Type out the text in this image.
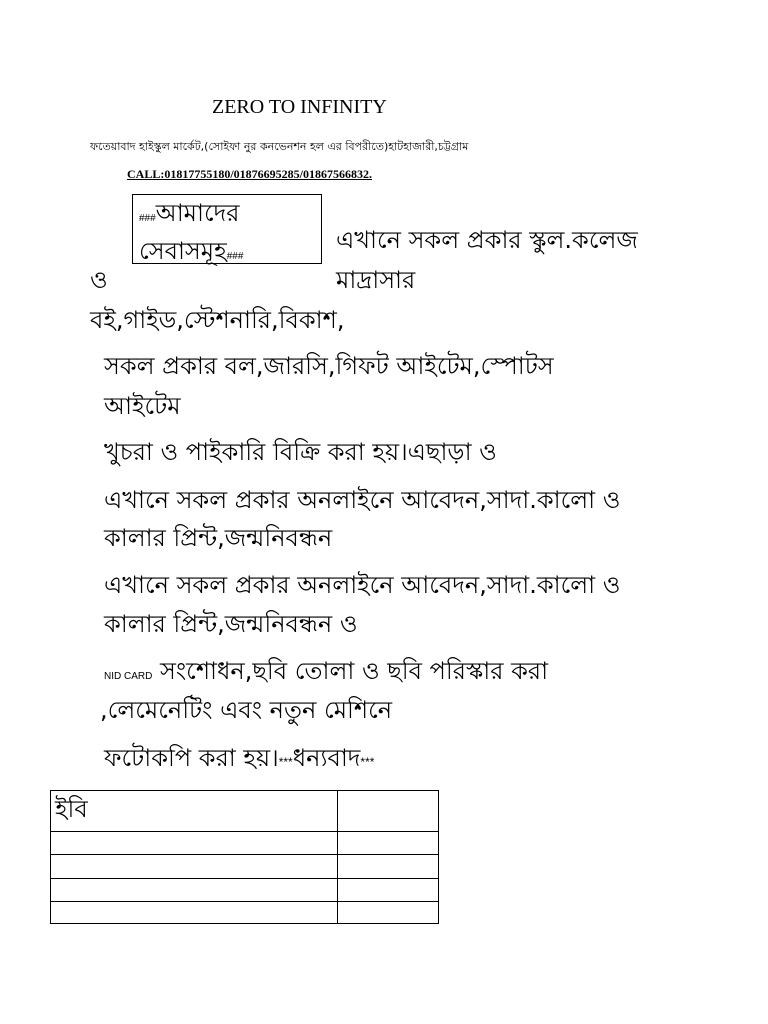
ZERO TO INFINITY
ফতেয়াবাদ হাইস্কুল মার্কেট,(সোইফা নুর কনভেনশন হল এর বিপরীতে)হাটহাজারী,চট্টগ্রাম
CALL:01817755180/01876695285/01867566832.
###আমাদের
সেবাসমূহ###
এখানে সকল প্রকার স্কুল.কলেজ
ও	মাদ্রাসার
বই,গাইড,স্টেশনারি,বিকাশ,
সকল প্রকার বল,জারসি,গিফট আইটেম,স্পোটস
আইটেম
খুচরা ও পাইকারি বিক্রি করা হয়।এছাড়া ও
এখানে সকল প্রকার অনলাইনে আবেদন,সাদা.কালো ও
কালার প্রিন্ট,জন্মনিবন্ধন
এখানে সকল প্রকার অনলাইনে আবেদন,সাদা.কালো ও
কালার প্রিন্ট,জন্মনিবন্ধন ও
NID CARD সংশোধন,ছবি তোলা ও ছবি পরিস্কার করা
,লেমেনেটিং এবং নতুন মেশিনে
ফটোকপি করা হয়।***ধন্যবাদ***
ইবি	
